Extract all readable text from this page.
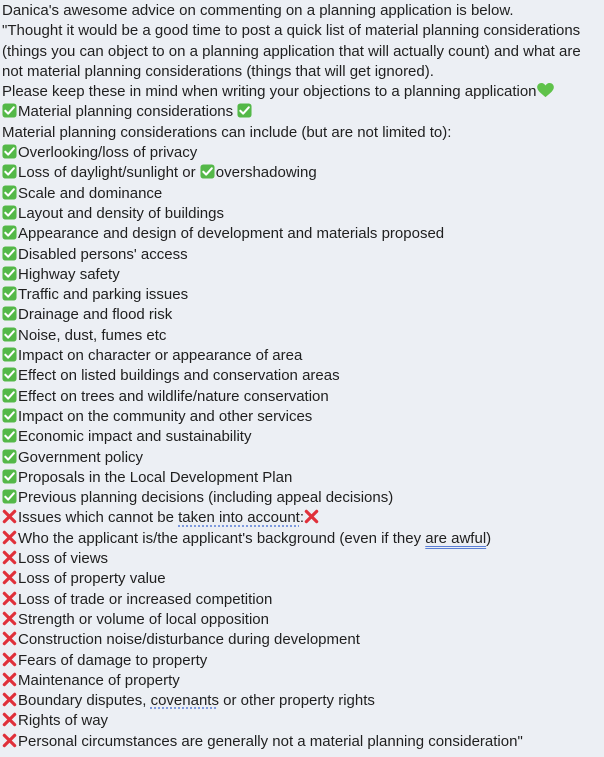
Danica's awesome advice on commenting on a planning application is below.
"Thought it would be a good time to post a quick list of material planning considerations
(things you can object to on a planning application that will actually count) and what are
not material planning considerations (things that will get ignored).
Please keep these in mind when writing your objections to a planning application
Material planning considerations
Material planning considerations can include (but are not limited to):
Overlooking/loss of privacy
Loss of daylight/sunlight or
overshadowing
Scale and dominance
Layout and density of buildings
Appearance and design of development and materials proposed
Disabled persons' access
Highway safety
Traffic and parking issues
Drainage and flood risk
Noise, dust, fumes etc
Impact on character or appearance of area
Effect on listed buildings and conservation areas
Effect on trees and wildlife/nature conservation
Impact on the community and other services
Economic impact and sustainability
Government policy
Proposals in the Local Development Plan
Previous planning decisions (including appeal decisions)
Issues which cannot be taken into account:
Who the applicant is/the applicant's background (even if they are awful)
Loss of views
Loss of property value
Loss of trade or increased competition
Strength or volume of local opposition
Construction noise/disturbance during development
Fears of damage to property
Maintenance of property
Boundary disputes, covenants or other property rights
Rights of way
Personal circumstances are generally not a material planning consideration"
